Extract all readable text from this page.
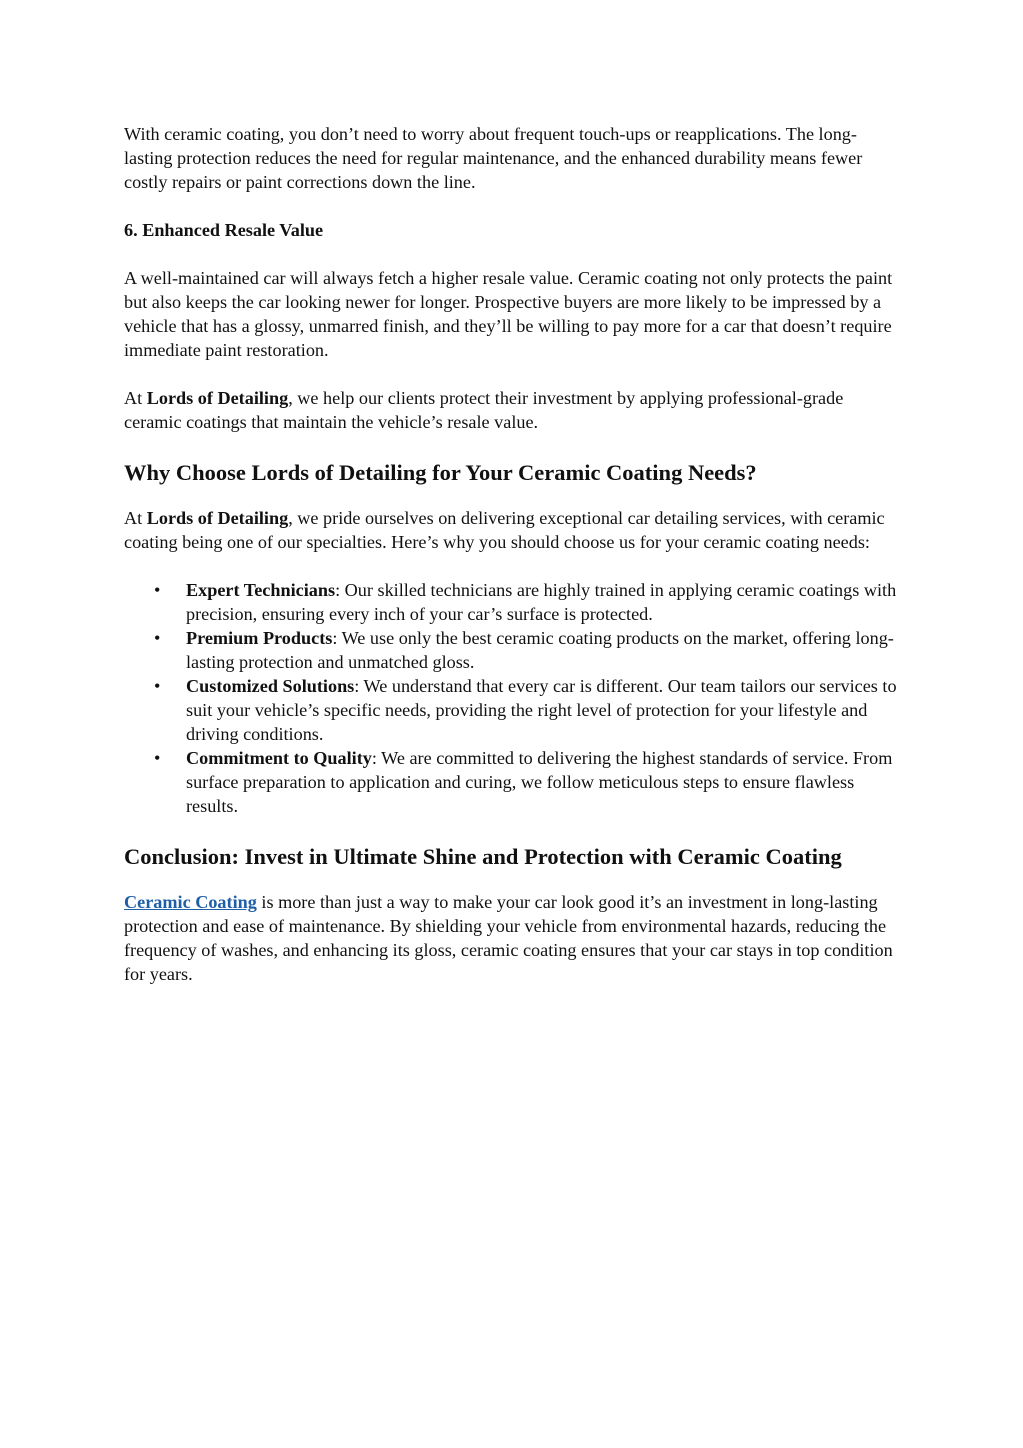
With ceramic coating, you don’t need to worry about frequent touch-ups or reapplications. The long-lasting protection reduces the need for regular maintenance, and the enhanced durability means fewer costly repairs or paint corrections down the line.

6. Enhanced Resale Value

A well-maintained car will always fetch a higher resale value. Ceramic coating not only protects the paint but also keeps the car looking newer for longer. Prospective buyers are more likely to be impressed by a vehicle that has a glossy, unmarred finish, and they’ll be willing to pay more for a car that doesn’t require immediate paint restoration.

At Lords of Detailing, we help our clients protect their investment by applying professional-grade ceramic coatings that maintain the vehicle’s resale value.

Why Choose Lords of Detailing for Your Ceramic Coating Needs?

At Lords of Detailing, we pride ourselves on delivering exceptional car detailing services, with ceramic coating being one of our specialties. Here’s why you should choose us for your ceramic coating needs:

• Expert Technicians: Our skilled technicians are highly trained in applying ceramic coatings with precision, ensuring every inch of your car’s surface is protected.
• Premium Products: We use only the best ceramic coating products on the market, offering long-lasting protection and unmatched gloss.
• Customized Solutions: We understand that every car is different. Our team tailors our services to suit your vehicle’s specific needs, providing the right level of protection for your lifestyle and driving conditions.
• Commitment to Quality: We are committed to delivering the highest standards of service. From surface preparation to application and curing, we follow meticulous steps to ensure flawless results.
Conclusion: Invest in Ultimate Shine and Protection with Ceramic Coating

Ceramic Coating is more than just a way to make your car look good it’s an investment in long-lasting protection and ease of maintenance. By shielding your vehicle from environmental hazards, reducing the frequency of washes, and enhancing its gloss, ceramic coating ensures that your car stays in top condition for years.
